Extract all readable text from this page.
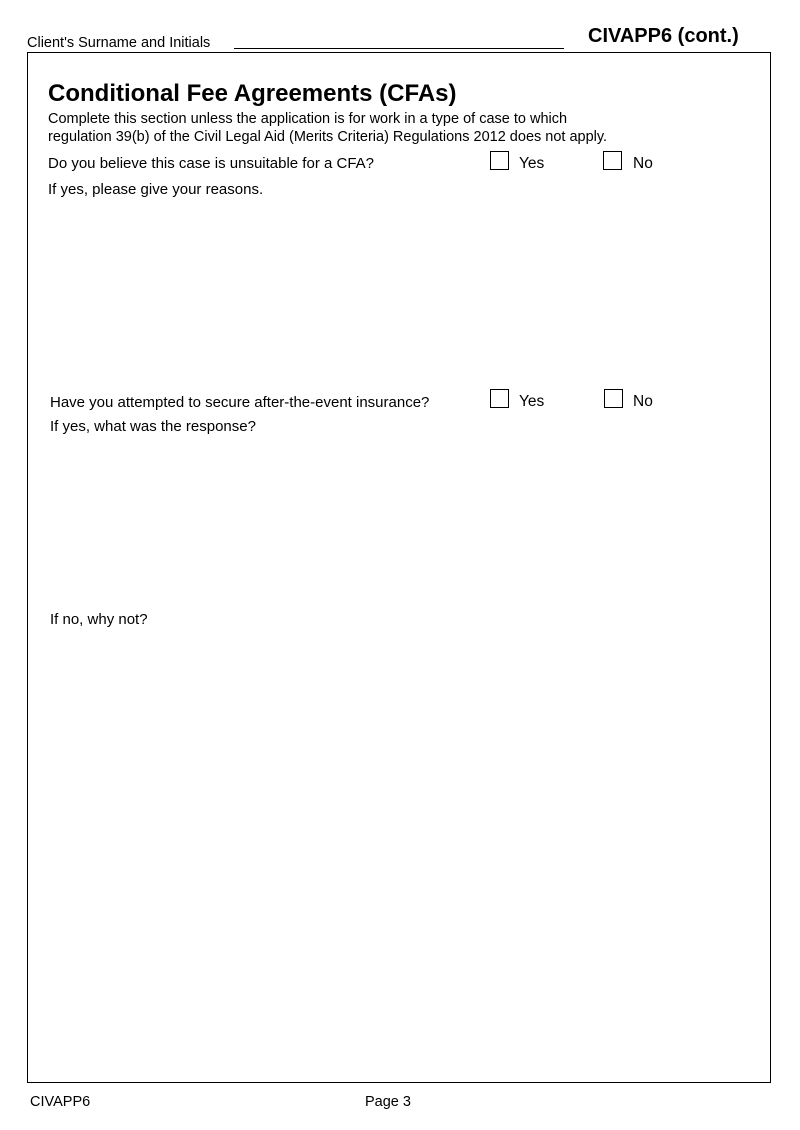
Client's Surname and Initials	CIVAPP6 (cont.)
Conditional Fee Agreements (CFAs)
Complete this section unless the application is for work in a type of case to which
regulation 39(b) of the Civil Legal Aid (Merits Criteria) Regulations 2012 does not apply.
Do you believe this case is unsuitable for a CFA?	Yes	No
If yes, please give your reasons.
Have you attempted to secure after-the-event insurance?	Yes	No
If yes, what was the response?
If no, why not?
CIVAPP6	Page 3
